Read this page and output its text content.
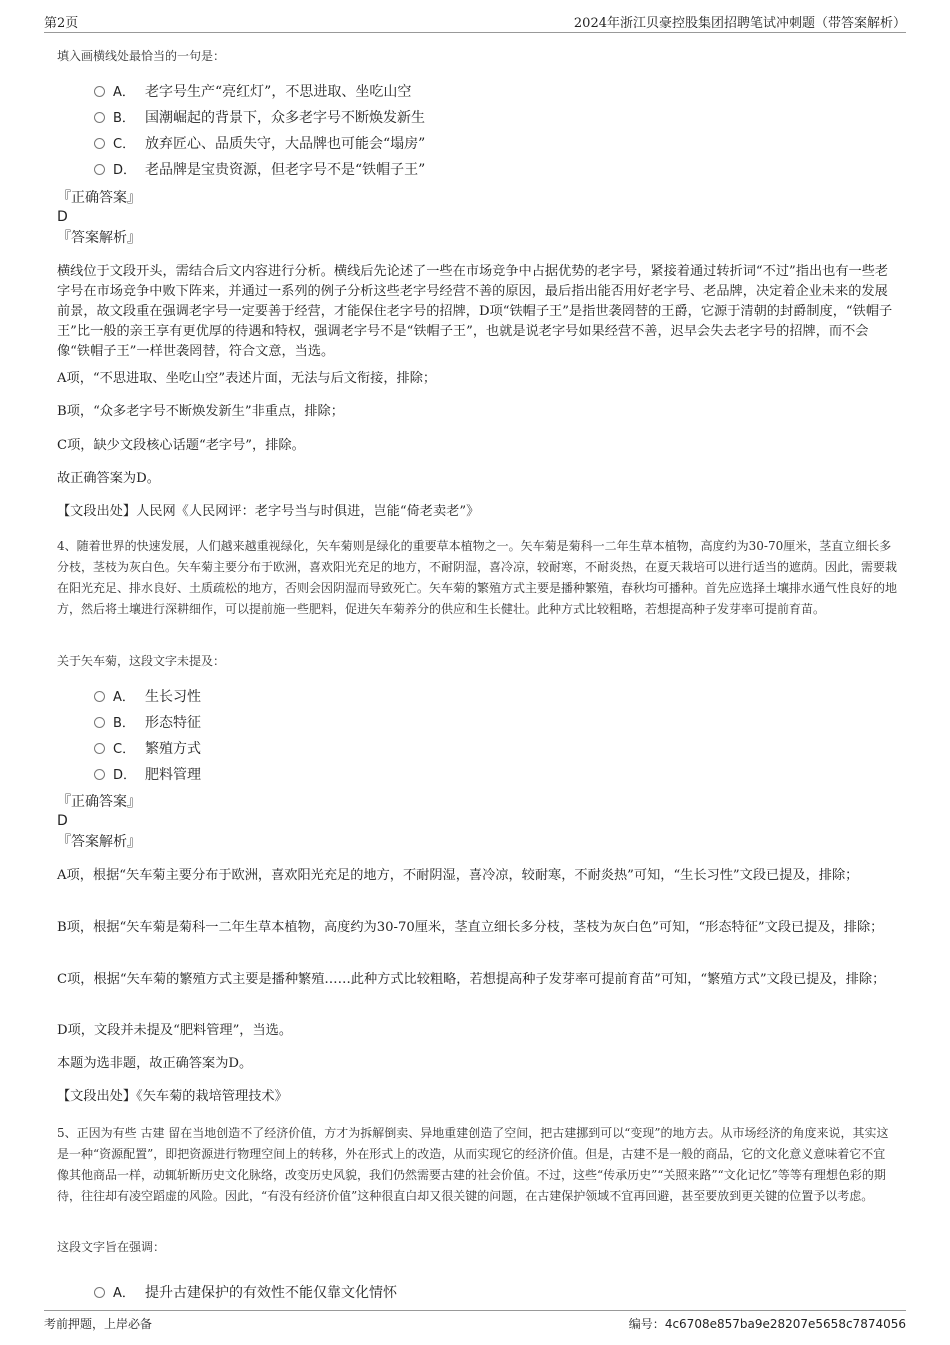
第2页	2024年浙江贝豪控股集团招聘笔试冲刺题（带答案解析）
填入画横线处最恰当的一句是：
A． 老字号生产“亮红灯”，不思进取、坐吃山空
B． 国潮崛起的背景下，众多老字号不断焕发新生
C． 放弃匠心、品质失守，大品牌也可能会“塌房”
D． 老品牌是宝贵资源，但老字号不是“铁帽子王”
『正确答案』
D
『答案解析』
横线位于文段开头，需结合后文内容进行分析。横线后先论述了一些在市场竞争中占据优势的老字号，紧接着通过转折词“不过”指出也有一些老字号在市场竞争中败下阵来，并通过一系列的例子分析这些老字号经营不善的原因，最后指出能否用好老字号、老品牌，决定着企业未来的发展前景，故文段重在强调老字号一定要善于经营，才能保住老字号的招牌，D项“铁帽子王”是指世袭罔替的王爵，它源于清朝的封爵制度，“铁帽子王”比一般的亲王享有更优厚的待遇和特权，强调老字号不是“铁帽子王”，也就是说老字号如果经营不善，迟早会失去老字号的招牌，而不会像“铁帽子王”一样世袭罔替，符合文意，当选。
A项，“不思进取、坐吃山空”表述片面，无法与后文衔接，排除；
B项，“众多老字号不断焕发新生”非重点，排除；
C项，缺少文段核心话题“老字号”，排除。
故正确答案为D。
【文段出处】人民网《人民网评：老字号当与时俱进，岂能“倚老卖老”》
4、随着世界的快速发展，人们越来越重视绿化，矢车菊则是绿化的重要草本植物之一。矢车菊是菊科一二年生草本植物，高度约为30-70厘米，茎直立细长多分枝，茎枝为灰白色。矢车菊主要分布于欧洲，喜欢阳光充足的地方，不耐阴湿，喜冷凉，较耐寒，不耐炎热，在夏天栽培可以进行适当的遮荫。因此，需要栽在阳光充足、排水良好、土质疏松的地方，否则会因阴湿而导致死亡。矢车菊的繁殖方式主要是播种繁殖，春秋均可播种。首先应选择土壤排水通气性良好的地方，然后将土壤进行深耕细作，可以提前施一些肥料，促进矢车菊养分的供应和生长健壮。此种方式比较粗略，若想提高种子发芽率可提前育苗。
关于矢车菊，这段文字未提及：
A． 生长习性
B． 形态特征
C． 繁殖方式
D． 肥料管理
『正确答案』
D
『答案解析』
A项，根据“矢车菊主要分布于欧洲，喜欢阳光充足的地方，不耐阴湿，喜冷凉，较耐寒，不耐炎热”可知，“生长习性”文段已提及，排除；
B项，根据“矢车菊是菊科一二年生草本植物，高度约为30-70厘米，茎直立细长多分枝，茎枝为灰白色”可知，“形态特征”文段已提及，排除；
C项，根据“矢车菊的繁殖方式主要是播种繁殖……此种方式比较粗略，若想提高种子发芽率可提前育苗”可知，“繁殖方式”文段已提及，排除；
D项，文段并未提及“肥料管理”，当选。
本题为选非题，故正确答案为D。
【文段出处】《矢车菊的栽培管理技术》
5、正因为有些 古建 留在当地创造不了经济价值，方才为拆解倒卖、异地重建创造了空间，把古建挪到可以“变现”的地方去。从市场经济的角度来说，其实这是一种“资源配置”，即把资源进行物理空间上的转移，外在形式上的改造，从而实现它的经济价值。但是，古建不是一般的商品，它的文化意义意味着它不宜像其他商品一样，动辄斩断历史文化脉络，改变历史风貌，我们仍然需要古建的社会价值。不过，这些“传承历史”“关照来路”“文化记忆”等等有理想色彩的期待，往往却有凌空蹈虚的风险。因此，“有没有经济价值”这种很直白却又很关键的问题，在古建保护领域不宜再回避，甚至要放到更关键的位置予以考虑。
这段文字旨在强调：
A． 提升古建保护的有效性不能仅靠文化情怀
考前押题，上岸必备	编号：4c6708e857ba9e28207e5658c7874056
